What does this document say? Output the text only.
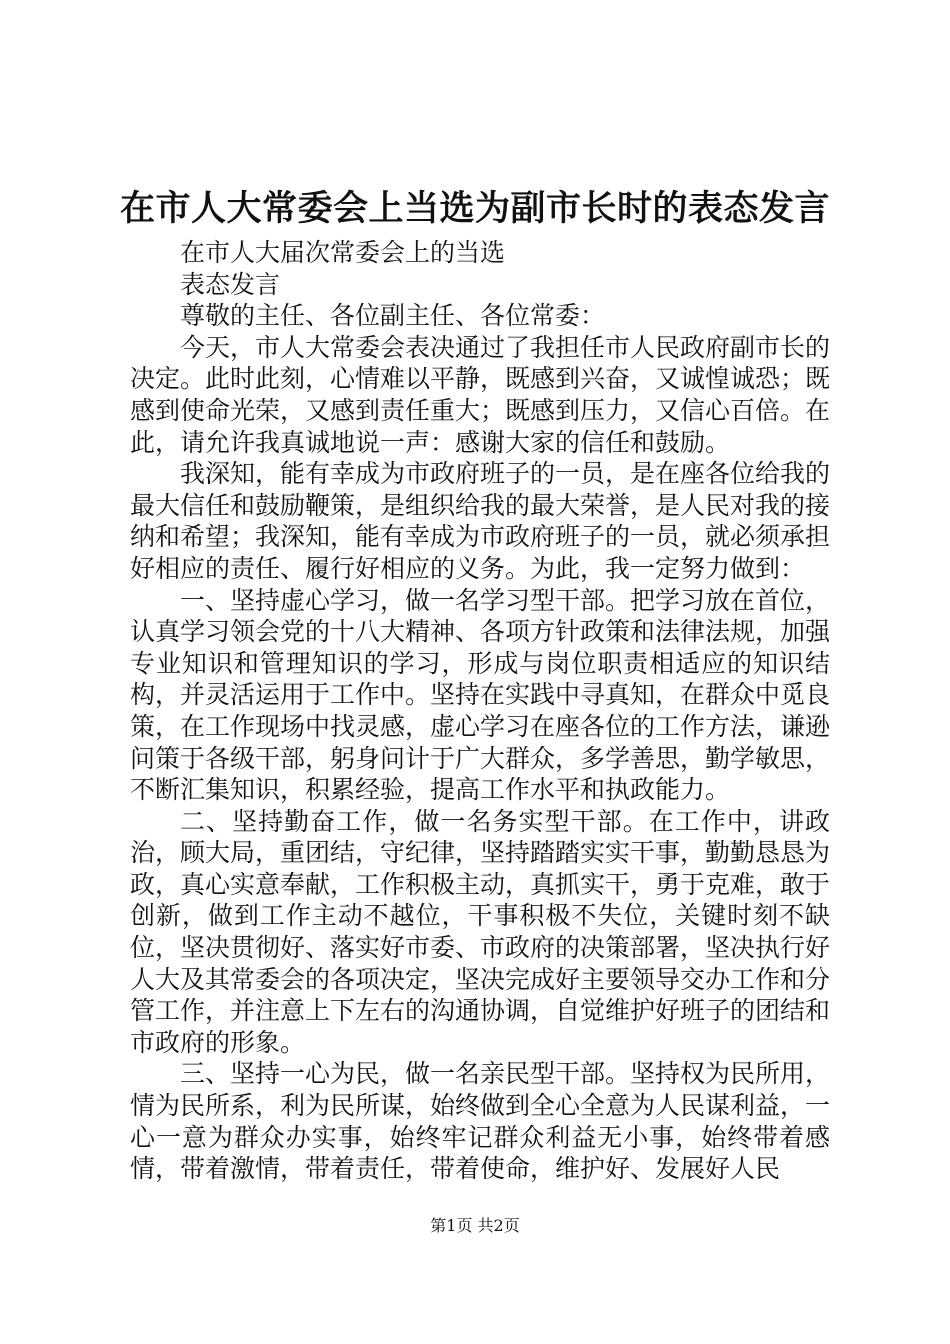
在市人大常委会上当选为副市长时的表态发言

在市人大届次常委会上的当选

表态发言

尊敬的主任、各位副主任、各位常委：

今天，市人大常委会表决通过了我担任市人民政府副市长的决定。此时此刻，心情难以平静，既感到兴奋，又诚惶诚恐；既感到使命光荣，又感到责任重大；既感到压力，又信心百倍。在此，请允许我真诚地说一声：感谢大家的信任和鼓励。

我深知，能有幸成为市政府班子的一员，是在座各位给我的最大信任和鼓励鞭策，是组织给我的最大荣誉，是人民对我的接纳和希望；我深知，能有幸成为市政府班子的一员，就必须承担好相应的责任、履行好相应的义务。为此，我一定努力做到：

一、坚持虚心学习，做一名学习型干部。把学习放在首位，认真学习领会党的十八大精神、各项方针政策和法律法规，加强专业知识和管理知识的学习，形成与岗位职责相适应的知识结构，并灵活运用于工作中。坚持在实践中寻真知，在群众中觅良策，在工作现场中找灵感，虚心学习在座各位的工作方法，谦逊问策于各级干部，躬身问计于广大群众，多学善思，勤学敏思，不断汇集知识，积累经验，提高工作水平和执政能力。

二、坚持勤奋工作，做一名务实型干部。在工作中，讲政治，顾大局，重团结，守纪律，坚持踏踏实实干事，勤勤恳恳为政，真心实意奉献，工作积极主动，真抓实干，勇于克难，敢于创新，做到工作主动不越位，干事积极不失位，关键时刻不缺位，坚决贯彻好、落实好市委、市政府的决策部署，坚决执行好人大及其常委会的各项决定，坚决完成好主要领导交办工作和分管工作，并注意上下左右的沟通协调，自觉维护好班子的团结和市政府的形象。

三、坚持一心为民，做一名亲民型干部。坚持权为民所用，情为民所系，利为民所谋，始终做到全心全意为人民谋利益，一心一意为群众办实事，始终牢记群众利益无小事，始终带着感情，带着激情，带着责任，带着使命，维护好、发展好人民

第1页 共2页
